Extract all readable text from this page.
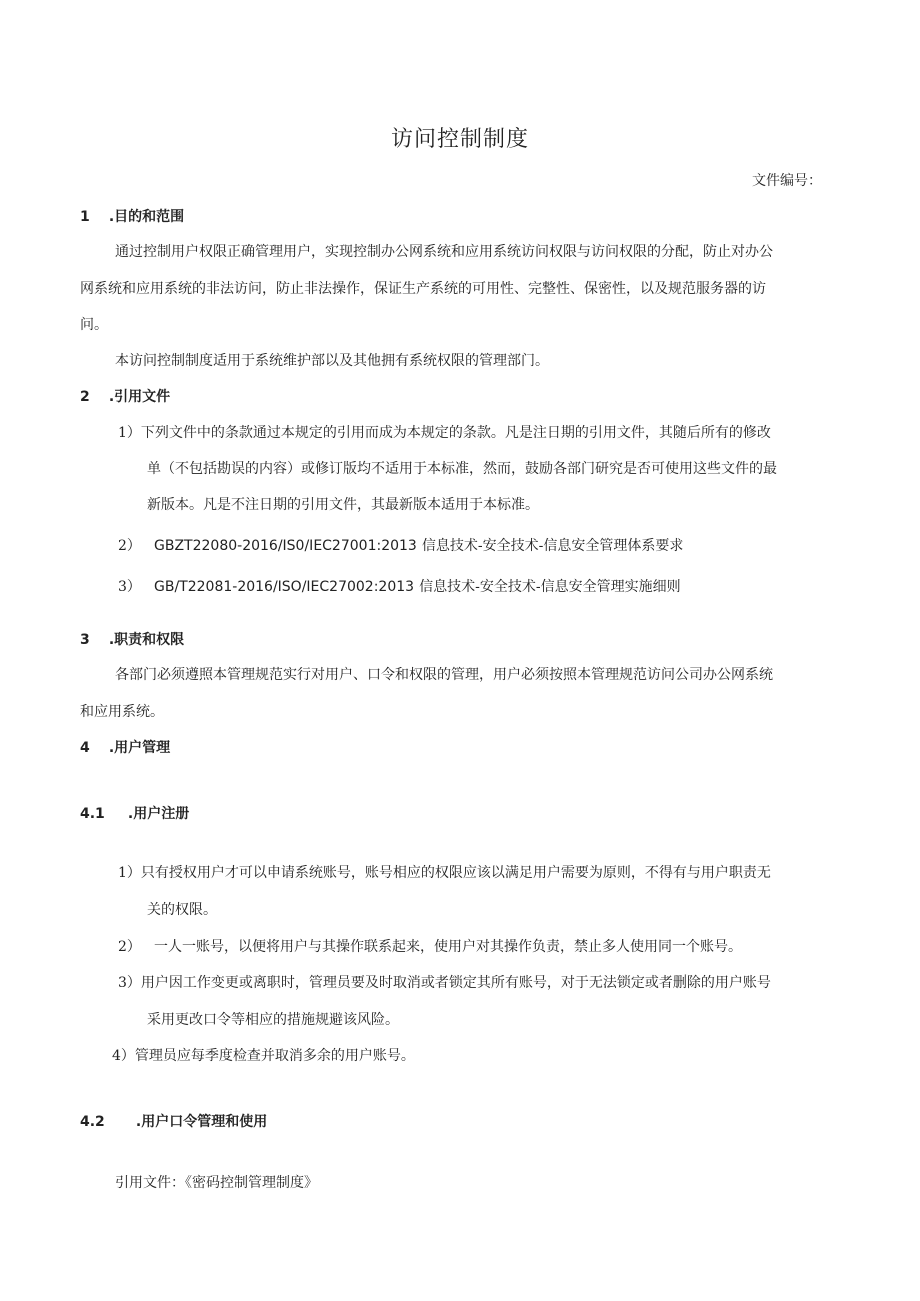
访问控制制度
文件编号：
1 .目的和范围
通过控制用户权限正确管理用户，实现控制办公网系统和应用系统访问权限与访问权限的分配，防止对办公
网系统和应用系统的非法访问，防止非法操作，保证生产系统的可用性、完整性、保密性，以及规范服务器的访
问。
本访问控制制度适用于系统维护部以及其他拥有系统权限的管理部门。
2 .引用文件
1）下列文件中的条款通过本规定的引用而成为本规定的条款。凡是注日期的引用文件，其随后所有的修改
单（不包括勘误的内容）或修订版均不适用于本标准，然而，鼓励各部门研究是否可使用这些文件的最
新版本。凡是不注日期的引用文件，其最新版本适用于本标准。
2） GBZT22080-2016/IS0/IEC27001:2013 信息技术-安全技术-信息安全管理体系要求
3） GB/T22081-2016/ISO/IEC27002:2013 信息技术-安全技术-信息安全管理实施细则
3 .职责和权限
各部门必须遵照本管理规范实行对用户、口令和权限的管理，用户必须按照本管理规范访问公司办公网系统
和应用系统。
4 .用户管理
4.1 .用户注册
1）只有授权用户才可以申请系统账号，账号相应的权限应该以满足用户需要为原则，不得有与用户职责无
关的权限。
2） 一人一账号，以便将用户与其操作联系起来，使用户对其操作负责，禁止多人使用同一个账号。
3）用户因工作变更或离职时，管理员要及时取消或者锁定其所有账号，对于无法锁定或者删除的用户账号
采用更改口令等相应的措施规避该风险。
4）管理员应每季度检查并取消多余的用户账号。
4.2 .用户口令管理和使用
引用文件：《密码控制管理制度》
